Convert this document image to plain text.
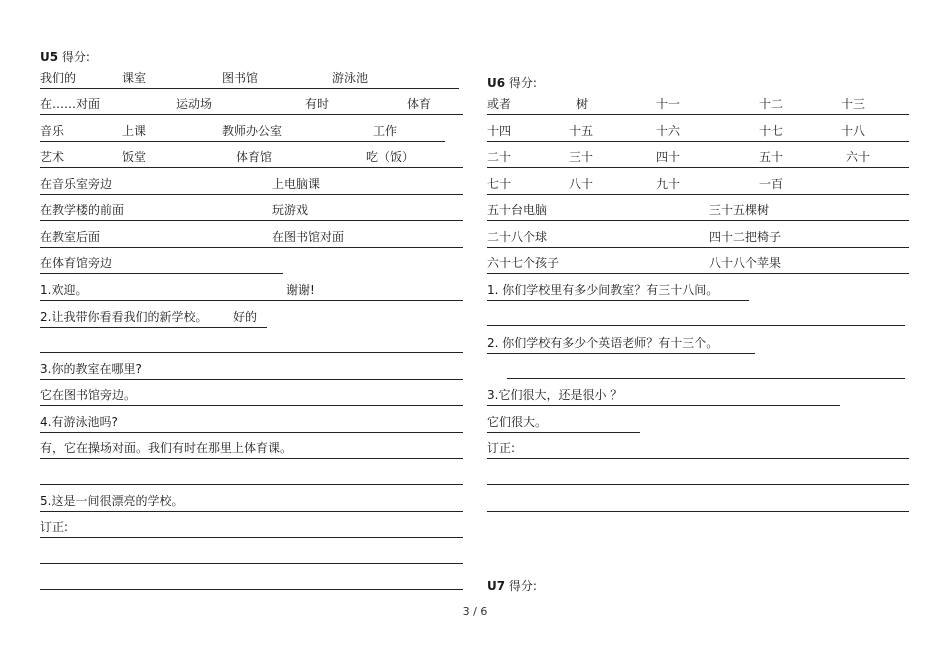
U5 得分:
我们的	课室	图书馆	游泳池
在……对面	运动场	有时	体育
音乐	上课	教师办公室	工作
艺术	饭堂	体育馆	吃（饭）
在音乐室旁边	上电脑课
在教学楼的前面	玩游戏
在教室后面	在图书馆对面
在体育馆旁边
1.欢迎。	谢谢!
2.让我带你看看我们的新学校。 好的
3.你的教室在哪里?
它在图书馆旁边。
4.有游泳池吗?
有，它在操场对面。我们有时在那里上体育课。
5.这是一间很漂亮的学校。
订正:
U6 得分:
或者	树	十一	十二	十三
十四	十五	十六	十七	十八
二十	三十	四十	五十	六十
七十	八十	九十	一百
五十台电脑	三十五棵树
二十八个球	四十二把椅子
六十七个孩子	八十八个苹果
1. 你们学校里有多少间教室？有三十八间。
2. 你们学校有多少个英语老师？有十三个。
3.它们很大，还是很小 ？
它们很大。
订正:
U7 得分:
3 / 6
